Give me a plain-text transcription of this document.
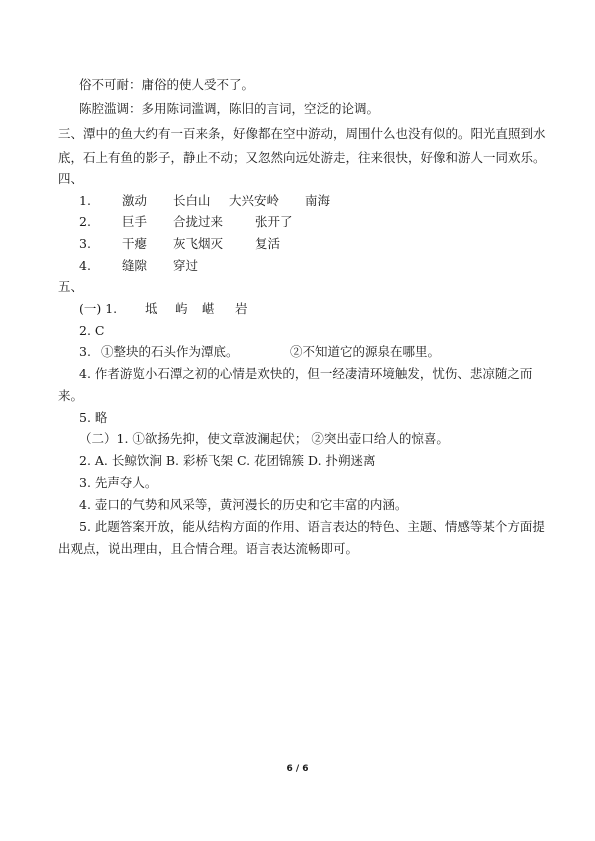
俗不可耐：庸俗的使人受不了。
陈腔滥调：多用陈词滥调，陈旧的言词，空泛的论调。
三、潭中的鱼大约有一百来条，好像都在空中游动，周围什么也没有似的。阳光直照到水
底，石上有鱼的影子，静止不动；又忽然向远处游走，往来很快，好像和游人一同欢乐。
四、
1. 激动 长白山 大兴安岭 南海
2. 巨手 合拢过来	张开了
3. 干瘪 灰飞烟灭	复活
4. 缝隙 穿过
五、
(一) 1. 坻 屿 嵁 岩
2. C
3. ①整块的石头作为潭底。	②不知道它的源泉在哪里。
4. 作者游览小石潭之初的心情是欢快的，但一经凄清环境触发，忧伤、悲凉随之而
来。
5. 略
（二）1. ①欲扬先抑，使文章波澜起伏； ②突出壶口给人的惊喜。
2. A. 长鲸饮涧 B. 彩桥飞架 C. 花团锦簇 D. 扑朔迷离
3. 先声夺人。
4. 壶口的气势和风采等，黄河漫长的历史和它丰富的内涵。
5. 此题答案开放，能从结构方面的作用、语言表达的特色、主题、情感等某个方面提
出观点，说出理由，且合情合理。语言表达流畅即可。
6 / 6
